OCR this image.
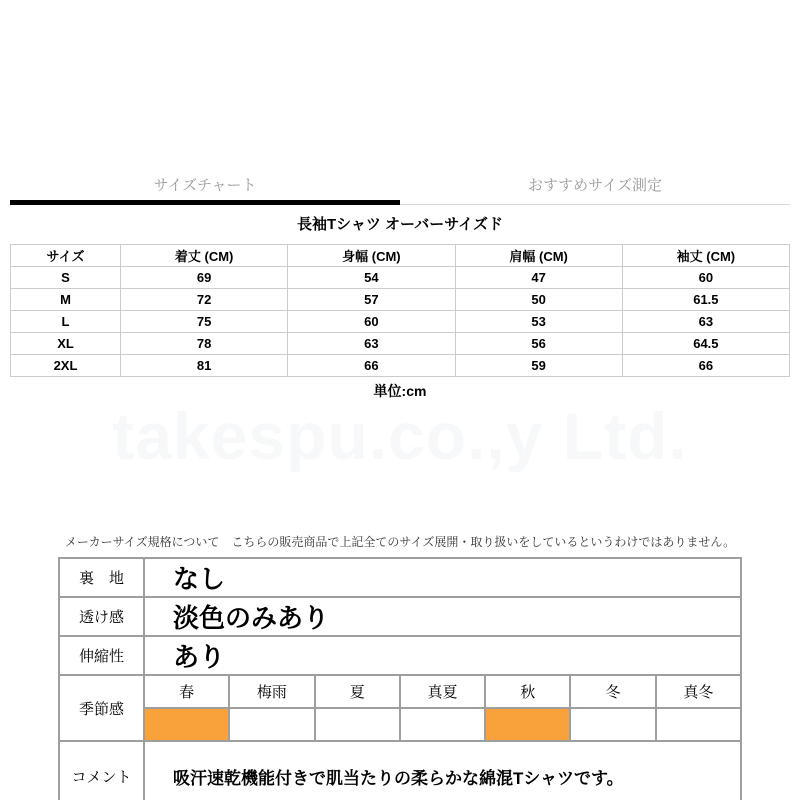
サイズチャート	おすすめサイズ測定
長袖Tシャツ オーバーサイズド
サイズ	着丈 (CM)	身幅 (CM)	肩幅 (CM)	袖丈 (CM)
S	69	54	47	60
M	72	57	50	61.5
L	75	60	53	63
XL	78	63	56	64.5
2XL	81	66	59	66
単位:cm
takespu.co.,y Ltd.
メーカーサイズ規格について　こちらの販売商品で上記全てのサイズ展開・取り扱いをしているというわけではありません。
裏　地	なし						
透け感	淡色のみあり						
伸縮性	あり						
季節感	春	梅雨	夏	真夏	秋	冬	真冬

コメント	吸汗速乾機能付きで肌当たりの柔らかな綿混Tシャツです。						
